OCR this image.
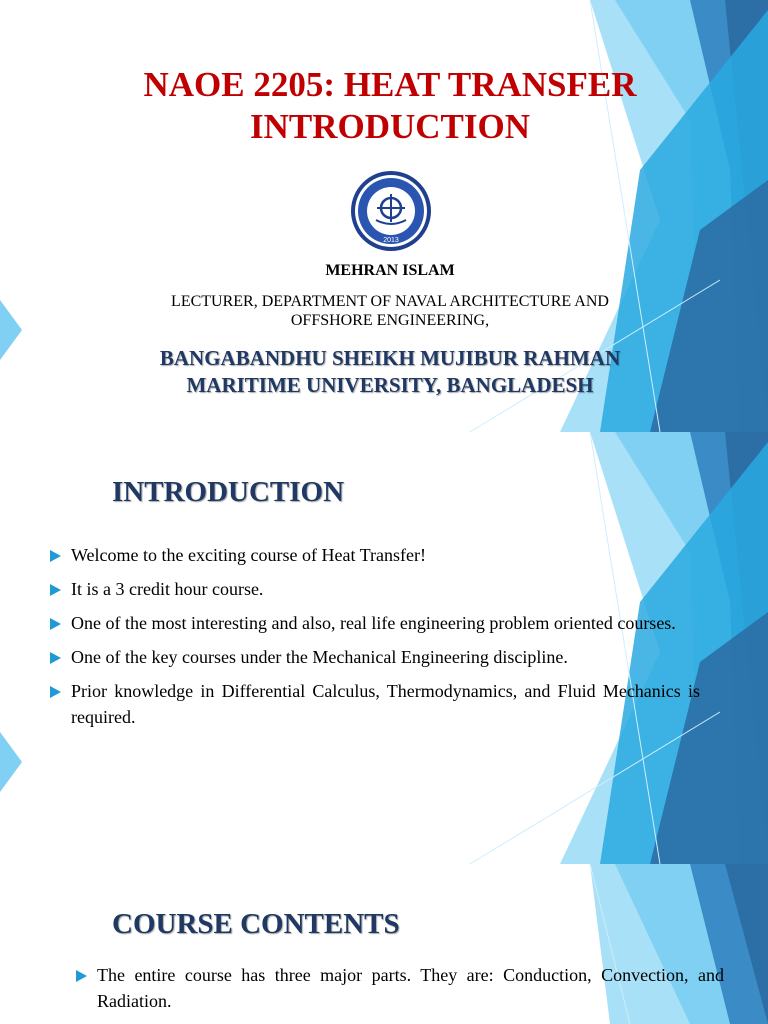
NAOE 2205: HEAT TRANSFER
INTRODUCTION
2013
MEHRAN ISLAM
LECTURER, DEPARTMENT OF NAVAL ARCHITECTURE AND
OFFSHORE ENGINEERING,
BANGABANDHU SHEIKH MUJIBUR RAHMAN
MARITIME UNIVERSITY, BANGLADESH
INTRODUCTION
Welcome to the exciting course of Heat Transfer!
It is a 3 credit hour course.
One of the most interesting and also, real life engineering problem oriented courses.
One of the key courses under the Mechanical Engineering discipline.
Prior knowledge in Differential Calculus, Thermodynamics, and Fluid Mechanics is required.
COURSE CONTENTS
The entire course has three major parts. They are: Conduction, Convection, and Radiation.
